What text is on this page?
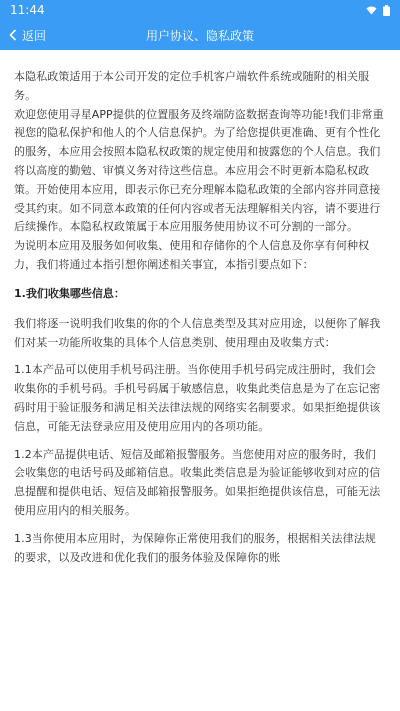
11:44
返回	用户协议、隐私政策

本隐私政策适用于本公司开发的定位手机客户端软件系统或随附的相关服务。

欢迎您使用寻星APP提供的位置服务及终端防盗数据查询等功能!我们非常重视您的隐私保护和他人的个人信息保护。为了给您提供更准确、更有个性化的服务，本应用会按照本隐私权政策的规定使用和披露您的个人信息。我们将以高度的勤勉、审慎义务对待这些信息。本应用会不时更新本隐私权政策。开始使用本应用，即表示你已充分理解本隐私政策的全部内容并同意接受其约束。如不同意本政策的任何内容或者无法理解相关内容，请不要进行后续操作。本隐私权政策属于本应用服务使用协议不可分割的一部分。

为说明本应用及服务如何收集、使用和存储你的个人信息及你享有何种权力，我们将通过本指引想你阐述相关事宜，本指引要点如下：

1.我们收集哪些信息：

我们将逐一说明我们收集的你的个人信息类型及其对应用途，以便你了解我们对某一功能所收集的具体个人信息类别、使用理由及收集方式：

1.1本产品可以使用手机号码注册。当你使用手机号码完成注册时，我们会收集你的手机号码。手机号码属于敏感信息，收集此类信息是为了在忘记密码时用于验证服务和满足相关法律法规的网络实名制要求。如果拒绝提供该信息，可能无法登录应用及使用应用内的各项功能。

1.2本产品提供电话、短信及邮箱报警服务。当您使用对应的服务时，我们会收集您的电话号码及邮箱信息。收集此类信息是为验证能够收到对应的信息提醒和提供电话、短信及邮箱报警服务。如果拒绝提供该信息，可能无法使用应用内的相关服务。

1.3当你使用本应用时，为保障你正常使用我们的服务，根据相关法律法规的要求，以及改进和优化我们的服务体验及保障你的账
